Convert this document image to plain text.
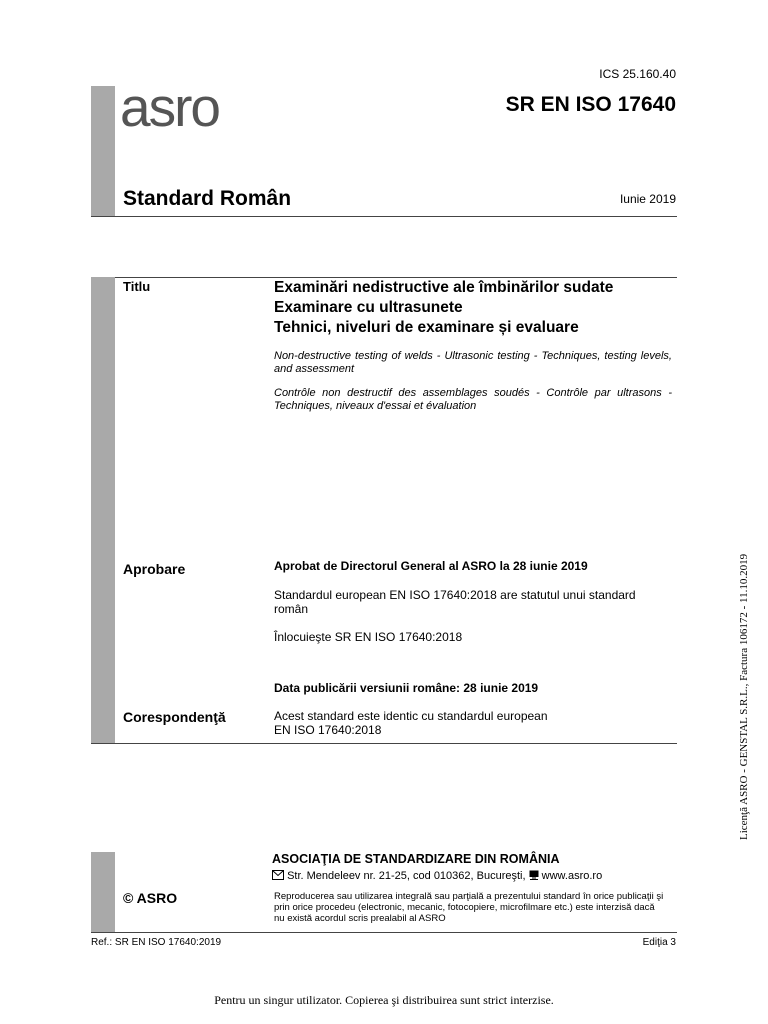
ICS 25.160.40
SR EN ISO 17640
asro
Standard Român	Iunie 2019
Titlu	Examinări nedistructive ale îmbinărilor sudate
Examinare cu ultrasunete
Tehnici, niveluri de examinare și evaluare
Non-destructive testing of welds - Ultrasonic testing - Techniques, testing levels, and assessment
Contrôle non destructif des assemblages soudés - Contrôle par ultrasons - Techniques, niveaux d'essai et évaluation
Aprobare	Aprobat de Directorul General al ASRO la 28 iunie 2019
Standardul european EN ISO 17640:2018 are statutul unui standard român
Înlocuieşte SR EN ISO 17640:2018
Data publicării versiunii române: 28 iunie 2019
Corespondenţă	Acest standard este identic cu standardul european
EN ISO 17640:2018
ASOCIAŢIA DE STANDARDIZARE DIN ROMÂNIA
Str. Mendeleev nr. 21-25, cod 010362, Bucureşti, www.asro.ro
Reproducerea sau utilizarea integrală sau parţială a prezentului standard în orice publicaţii şi prin orice procedeu (electronic, mecanic, fotocopiere, microfilmare etc.) este interzisă dacă nu există acordul scris prealabil al ASRO
© ASRO
Ref.: SR EN ISO 17640:2019	Ediţia 3
Pentru un singur utilizator. Copierea şi distribuirea sunt strict interzise.
Licenţă ASRO - GENSTAL S.R.L., Factura 106172 - 11.10.2019
